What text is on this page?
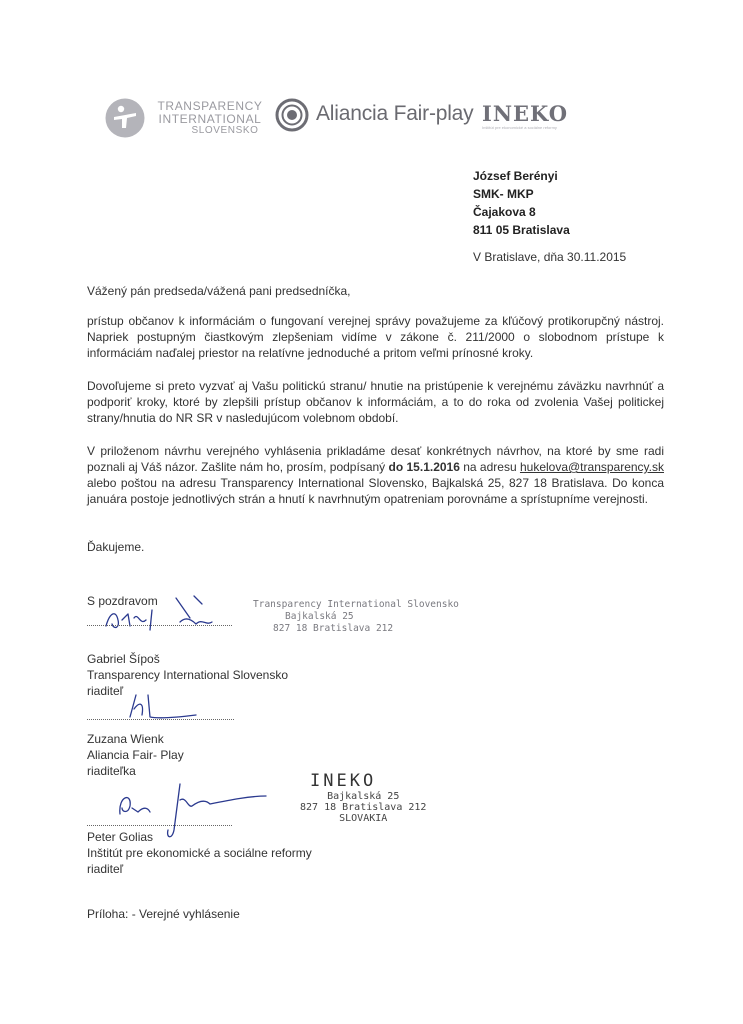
TRANSPARENCY
INTERNATIONAL
SLOVENSKO
Aliancia Fair-play INEKO
Inštitút pre ekonomické a sociálne reformy
József Berényi
SMK- MKP
Čajakova 8
811 05 Bratislava
V Bratislave, dňa 30.11.2015
Vážený pán predseda/vážená pani predsedníčka,
prístup občanov k informáciám o fungovaní verejnej správy považujeme za kľúčový protikorupčný nástroj. Napriek postupným čiastkovým zlepšeniam vidíme v zákone č. 211/2000 o slobodnom prístupe k informáciám naďalej priestor na relatívne jednoduché a pritom veľmi prínosné kroky.
Dovoľujeme si preto vyzvať aj Vašu politickú stranu/ hnutie na pristúpenie k verejnému záväzku navrhnúť a podporiť kroky, ktoré by zlepšili prístup občanov k informáciám, a to do roka od zvolenia Vašej politickej strany/hnutia do NR SR v nasledujúcom volebnom období.
V priloženom návrhu verejného vyhlásenia prikladáme desať konkrétnych návrhov, na ktoré by sme radi poznali aj Váš názor. Zašlite nám ho, prosím, podpísaný do 15.1.2016 na adresu hukelova@transparency.sk alebo poštou na adresu Transparency International Slovensko, Bajkalská 25, 827 18 Bratislava. Do konca januára postoje jednotlivých strán a hnutí k navrhnutým opatreniam porovnáme a sprístupníme verejnosti.
Ďakujeme.
S pozdravom	Transparency International Slovensko
Bajkalská 25
827 18 Bratislava 212
Gabriel Šípoš
Transparency International Slovensko
riaditeľ
Zuzana Wienk
Aliancia Fair- Play
riaditeľka	INEKO
Bajkalská 25
827 18 Bratislava 212
SLOVAKIA
Peter Golias
Inštitút pre ekonomické a sociálne reformy
riaditeľ
Príloha: - Verejné vyhlásenie
